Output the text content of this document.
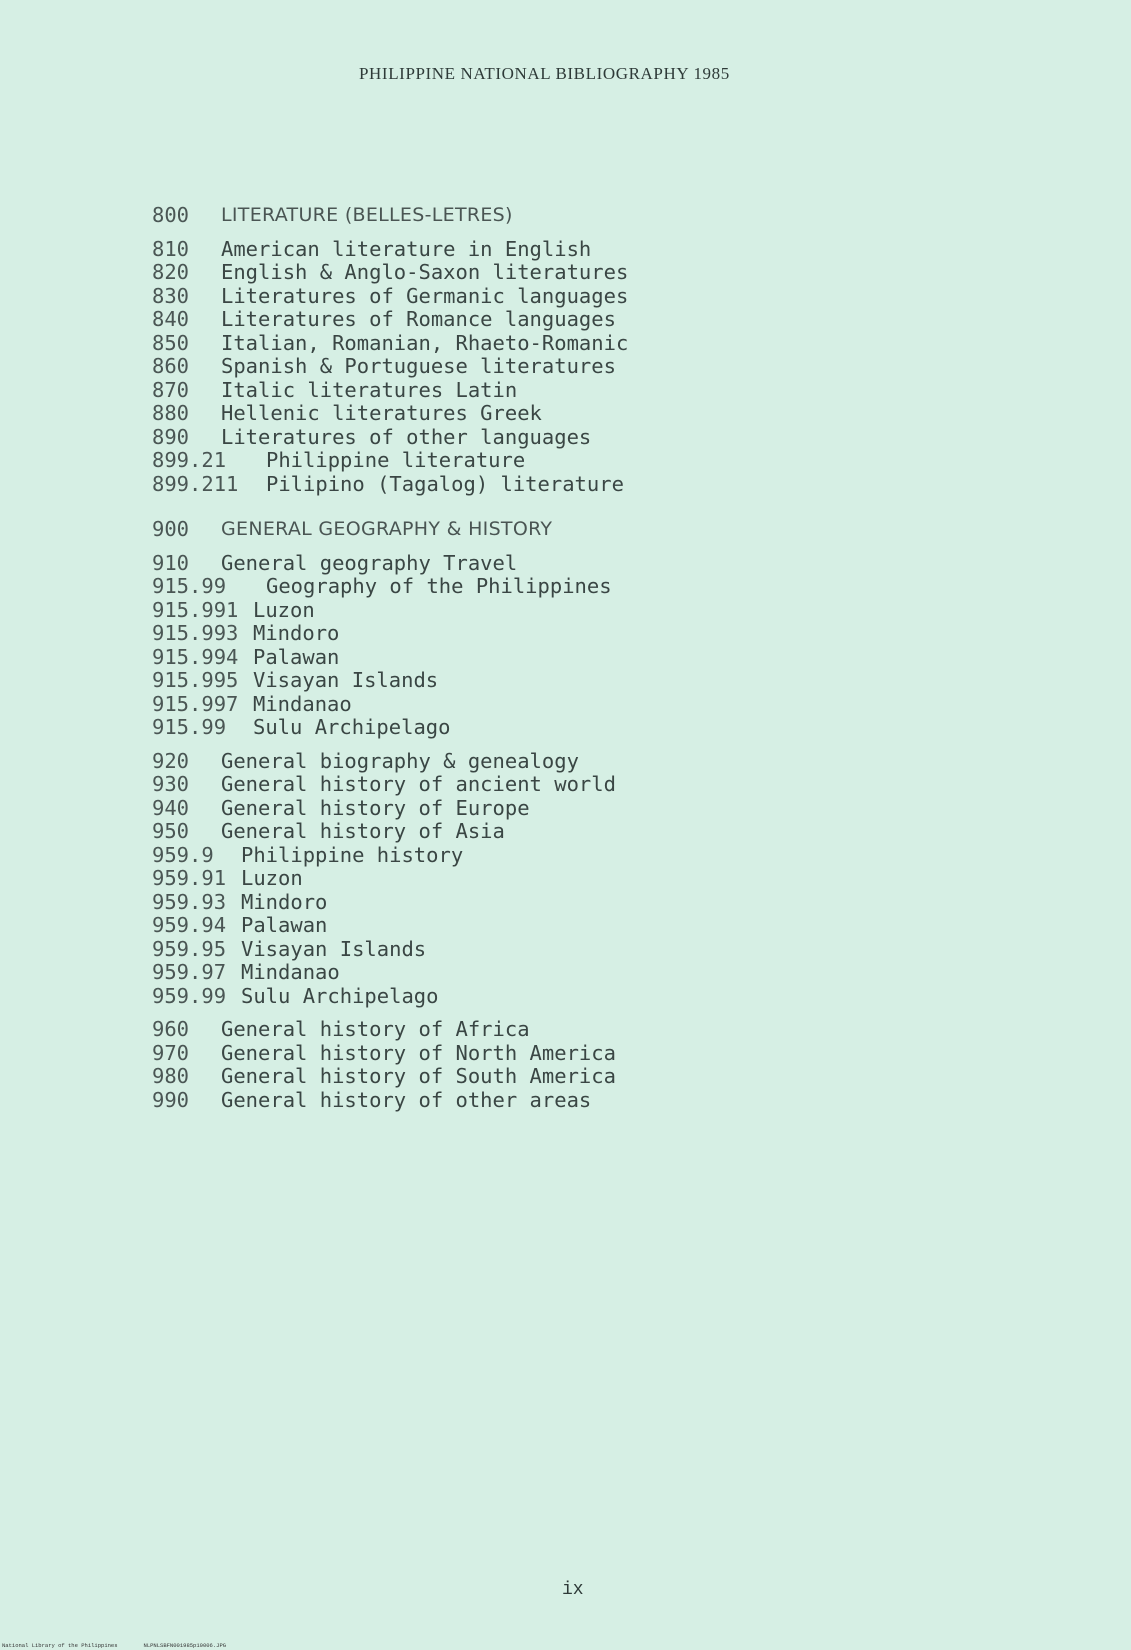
PHILIPPINE NATIONAL BIBLIOGRAPHY 1985
800 LITERATURE (BELLES-LETRES)
810 American literature in English
820 English & Anglo-Saxon literatures
830 Literatures of Germanic languages
840 Literatures of Romance languages
850 Italian, Romanian, Rhaeto-Romanic
860 Spanish & Portuguese literatures
870 Italic literatures Latin
880 Hellenic literatures Greek
890 Literatures of other languages
899.21 Philippine literature
899.211 Pilipino (Tagalog) literature
900 GENERAL GEOGRAPHY & HISTORY
910 General geography Travel
915.99 Geography of the Philippines
915.991 Luzon
915.993 Mindoro
915.994 Palawan
915.995 Visayan Islands
915.997 Mindanao
915.99 Sulu Archipelago
920 General biography & genealogy
930 General history of ancient world
940 General history of Europe
950 General history of Asia
959.9 Philippine history
959.91 Luzon
959.93 Mindoro
959.94 Palawan
959.95 Visayan Islands
959.97 Mindanao
959.99 Sulu Archipelago
960 General history of Africa
970 General history of North America
980 General history of South America
990 General history of other areas
ix
National Library of the Philippines	NLPNLSBFN001985p10006.JPG
